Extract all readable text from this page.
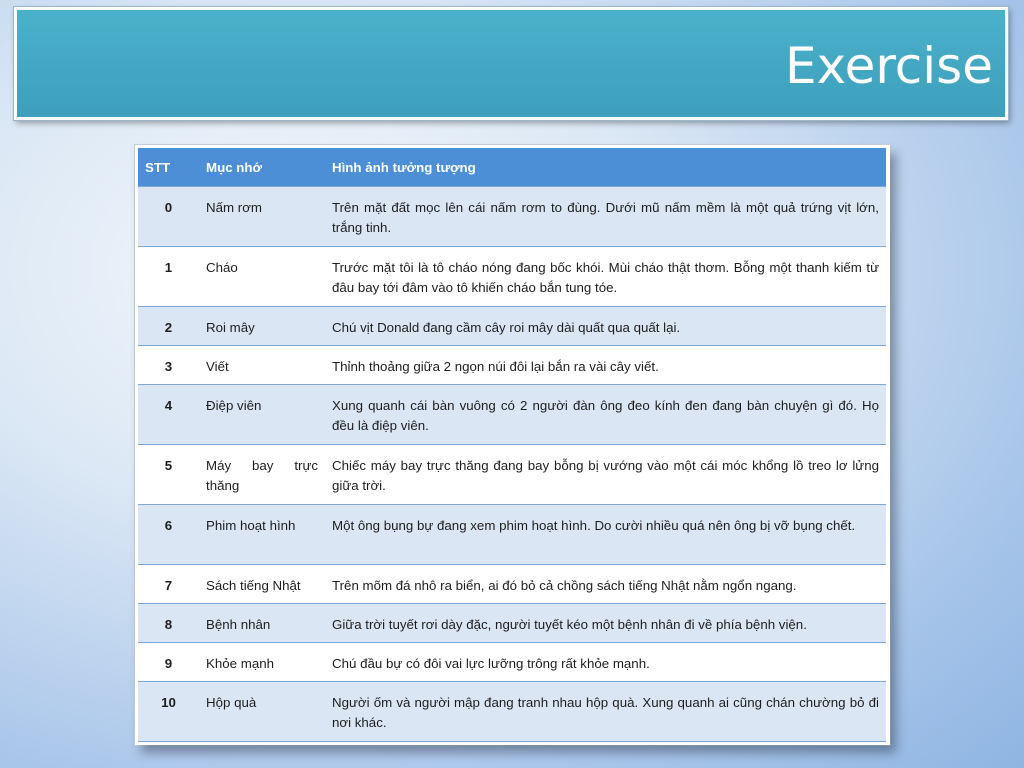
Exercise
STT	Mục nhớ	Hình ảnh tưởng tượng
0	Nấm rơm	Trên mặt đất mọc lên cái nấm rơm to đùng. Dưới mũ nấm mềm là một quả trứng vịt lớn, trắng tinh.
1	Cháo	Trước mặt tôi là tô cháo nóng đang bốc khói. Mùi cháo thật thơm. Bỗng một thanh kiếm từ đâu bay tới đâm vào tô khiến cháo bắn tung tóe.
2	Roi mây	Chú vịt Donald đang cầm cây roi mây dài quất qua quất lại.
3	Viết	Thỉnh thoảng giữa 2 ngọn núi đôi lại bắn ra vài cây viết.
4	Điệp viên	Xung quanh cái bàn vuông có 2 người đàn ông đeo kính đen đang bàn chuyện gì đó. Họ đều là điệp viên.
5	Máy bay trực thăng	Chiếc máy bay trực thăng đang bay bỗng bị vướng vào một cái móc khổng lồ treo lơ lửng giữa trời.
6	Phim hoạt hình	Một ông bụng bự đang xem phim hoạt hình. Do cười nhiều quá nên ông bị vỡ bụng chết.
7	Sách tiếng Nhật	Trên mõm đá nhô ra biển, ai đó bỏ cả chồng sách tiếng Nhật nằm ngổn ngang.
8	Bệnh nhân	Giữa trời tuyết rơi dày đặc, người tuyết kéo một bệnh nhân đi về phía bệnh viện.
9	Khỏe mạnh	Chú đầu bự có đôi vai lực lưỡng trông rất khỏe mạnh.
10	Hộp quà	Người ốm và người mập đang tranh nhau hộp quà. Xung quanh ai cũng chán chường bỏ đi nơi khác.
